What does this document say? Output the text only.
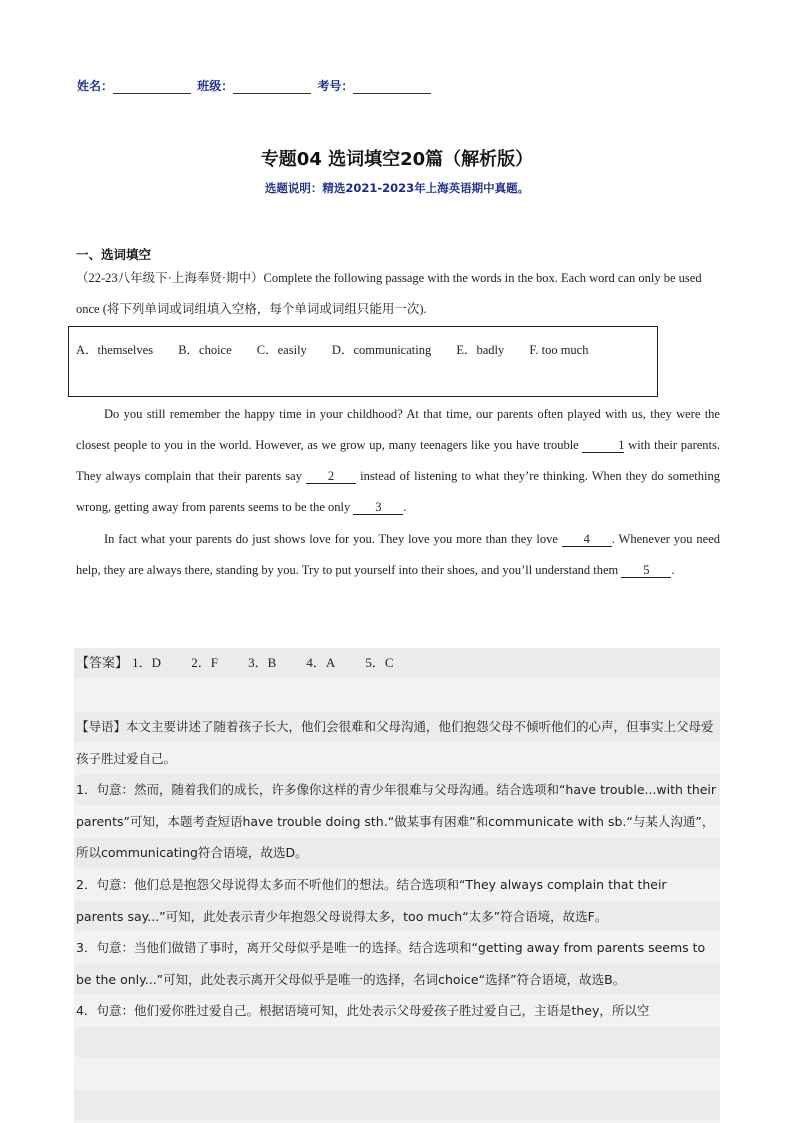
姓名：	班级：	考号：
专题04 选词填空20篇（解析版）
选题说明：精选2021-2023年上海英语期中真题。
一、选词填空
（22-23八年级下·上海奉贤·期中）Complete the following passage with the words in the box. Each word can only be used once (将下列单词或词组填入空格，每个单词或词组只能用一次).
A．themselves B．choice C．easily D．communicating E．badly F. too much
Do you still remember the happy time in your childhood? At that time, our parents often played with us, they were the closest people to you in the world. However, as we grow up, many teenagers like you have trouble	1 with their parents. They always complain that their parents say 2 instead of listening to what they’re thinking. When they do something wrong, getting away from parents seems to be the only 3 .
In fact what your parents do just shows love for you. They love you more than they love 4 . Whenever you need help, they are always there, standing by you. Try to put yourself into their shoes, and you’ll understand them 5 .
【答案】 1．D 2．F 3．B 4．A 5．C
【导语】本文主要讲述了随着孩子长大，他们会很难和父母沟通，他们抱怨父母不倾听他们的心声，但事实上父母爱孩子胜过爱自己。
1．句意：然而，随着我们的成长，许多像你这样的青少年很难与父母沟通。结合选项和“have trouble...with their parents”可知，本题考查短语have trouble doing sth.“做某事有困难”和communicate with sb.“与某人沟通”，所以communicating符合语境，故选D。
2．句意：他们总是抱怨父母说得太多而不听他们的想法。结合选项和“They always complain that their parents say...”可知，此处表示青少年抱怨父母说得太多，too much“太多”符合语境，故选F。
3．句意：当他们做错了事时，离开父母似乎是唯一的选择。结合选项和“getting away from parents seems to be the only...”可知，此处表示离开父母似乎是唯一的选择，名词choice“选择”符合语境，故选B。
4．句意：他们爱你胜过爱自己。根据语境可知，此处表示父母爱孩子胜过爱自己，主语是they，所以空
